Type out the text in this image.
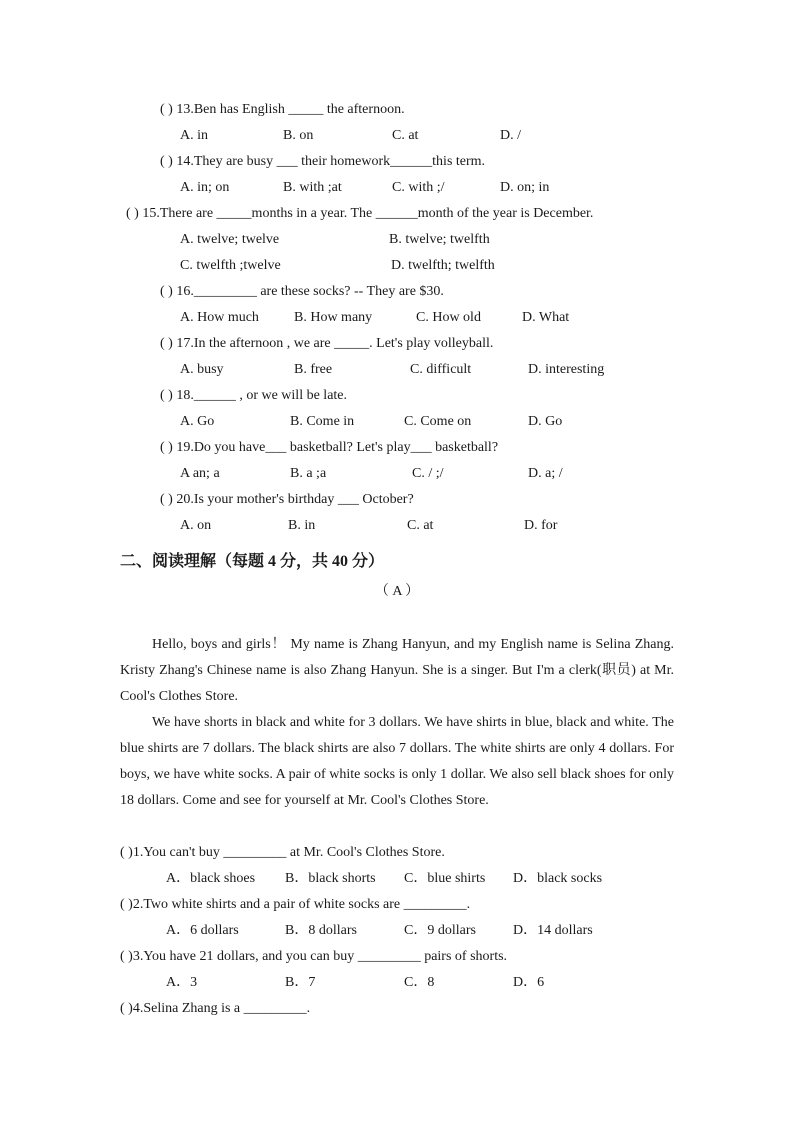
( ) 13.Ben has English _____ the afternoon.
A. in	B. on	C. at	D. /
( ) 14.They are busy ___ their homework______this term.
A. in; on	B. with ;at	C. with ;/	D. on; in
( ) 15.There are _____months in a year. The ______month of the year is December.
A. twelve; twelve	B. twelve; twelfth
C. twelfth ;twelve	D. twelfth; twelfth
( ) 16._________ are these socks? -- They are $30.
A. How much	B. How many	C. How old	D. What
( ) 17.In the afternoon , we are _____. Let's play volleyball.
A. busy	B. free	C. difficult	D. interesting
( ) 18.______ , or we will be late.
A. Go	B. Come in	C. Come on	D. Go
( ) 19.Do you have___ basketball? Let's play___ basketball?
A an; a	B. a ;a	C. / ;/	D. a; /
( ) 20.Is your mother's birthday ___ October?
A. on	B. in	C. at	D. for
二、阅读理解（每题 4 分，共 40 分）
（ A ）

Hello, boys and girls！ My name is Zhang Hanyun, and my English name is Selina Zhang. Kristy Zhang's Chinese name is also Zhang Hanyun. She is a singer. But I'm a clerk(职员) at Mr. Cool's Clothes Store.

We have shorts in black and white for 3 dollars. We have shirts in blue, black and white. The blue shirts are 7 dollars. The black shirts are also 7 dollars. The white shirts are only 4 dollars. For boys, we have white socks. A pair of white socks is only 1 dollar. We also sell black shoes for only 18 dollars. Come and see for yourself at Mr. Cool's Clothes Store.

( )1.You can't buy _________ at Mr. Cool's Clothes Store.
A．black shoes B．black shorts C．blue shirts D．black socks
( )2.Two white shirts and a pair of white socks are _________.
A．6 dollars	B．8 dollars	C．9 dollars	D．14 dollars
( )3.You have 21 dollars, and you can buy _________ pairs of shorts.
A．3	B．7	C．8	D．6
( )4.Selina Zhang is a _________.
